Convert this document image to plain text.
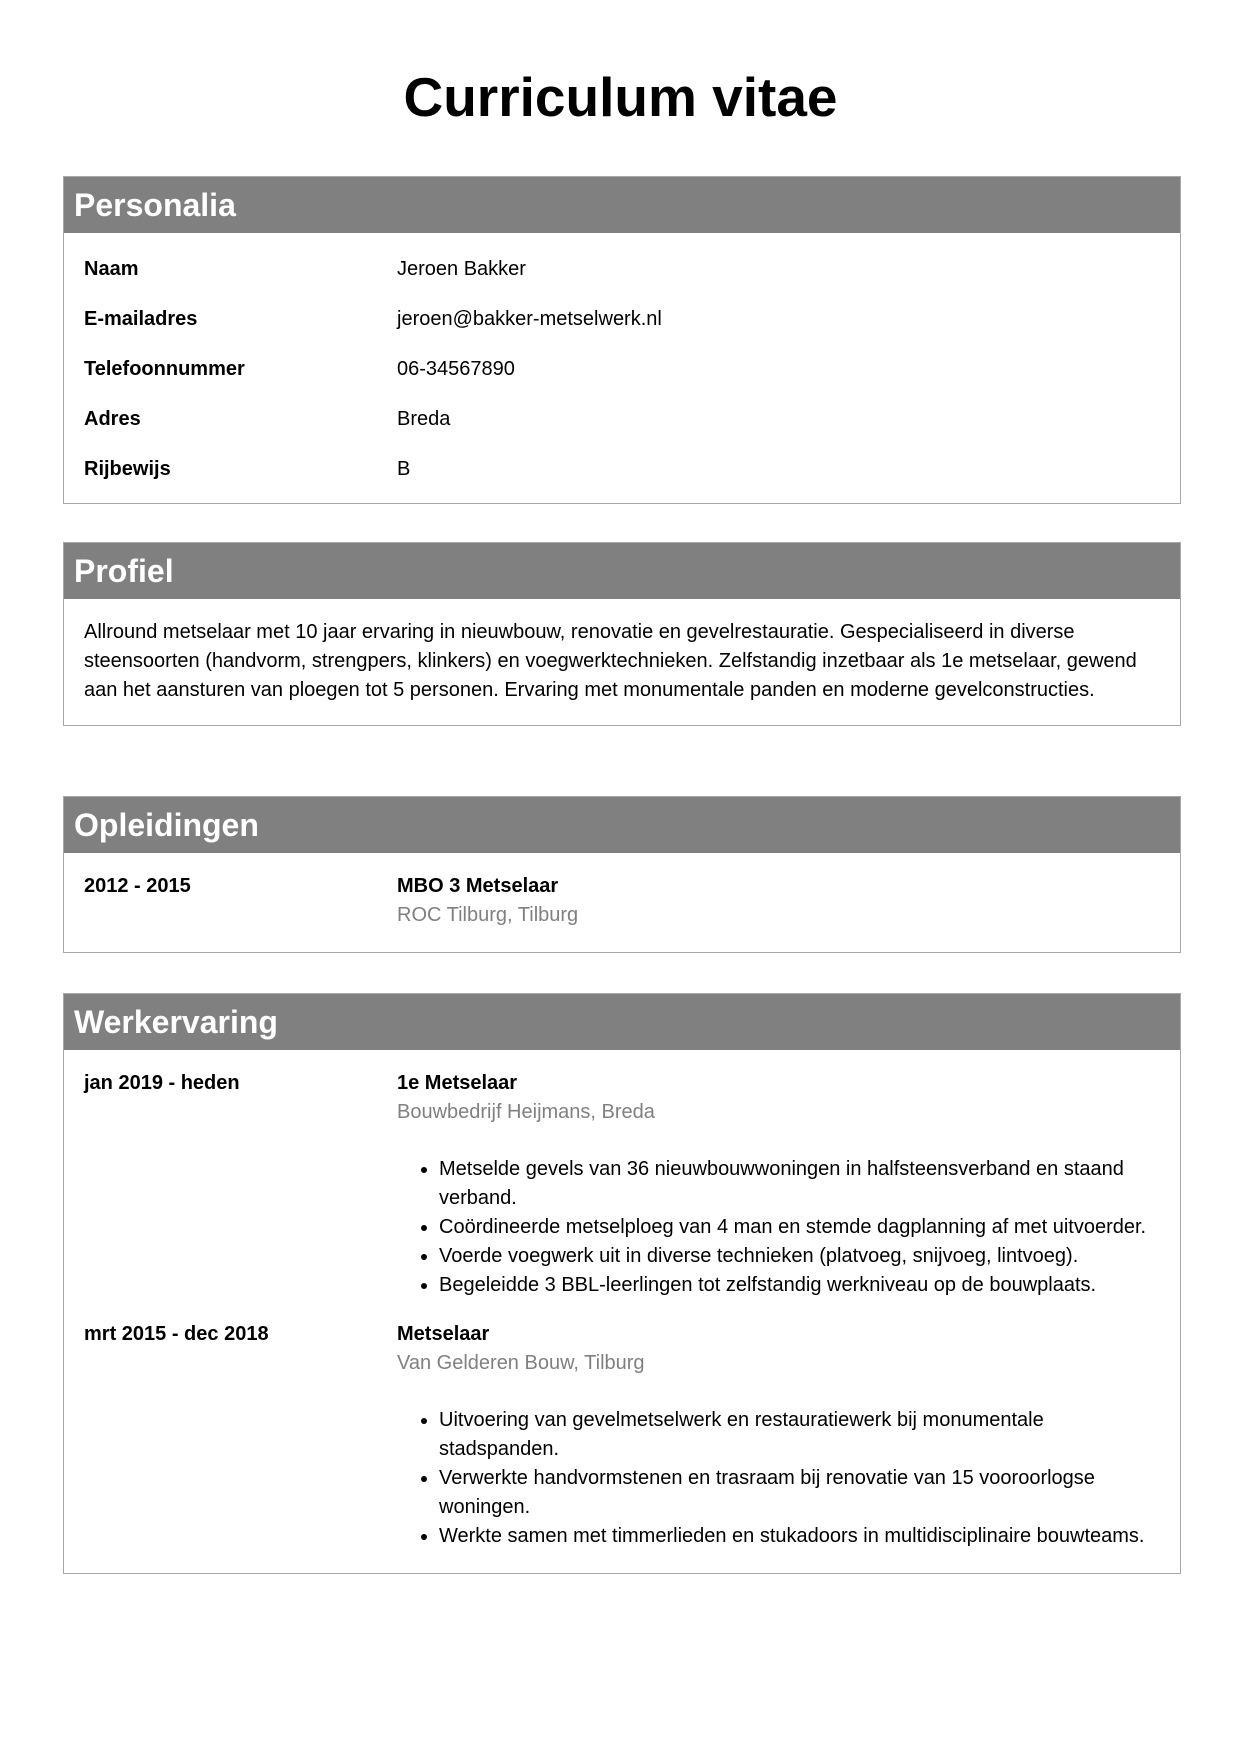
Curriculum vitae
Personalia
Naam	Jeroen Bakker
E-mailadres	jeroen@bakker-metselwerk.nl
Telefoonnummer	06-34567890
Adres	Breda
Rijbewijs	B
Profiel

Allround metselaar met 10 jaar ervaring in nieuwbouw, renovatie en gevelrestauratie. Gespecialiseerd in diverse steensoorten (handvorm, strengpers, klinkers) en voegwerktechnieken. Zelfstandig inzetbaar als 1e metselaar, gewend aan het aansturen van ploegen tot 5 personen. Ervaring met monumentale panden en moderne gevelconstructies.

Opleidingen
2012 - 2015	MBO 3 Metselaar
ROC Tilburg, Tilburg
Werkervaring
jan 2019 - heden	1e Metselaar
Bouwbedrijf Heijmans, Breda
• Metselde gevels van 36 nieuwbouwwoningen in halfsteensverband en staand verband.
• Coördineerde metselploeg van 4 man en stemde dagplanning af met uitvoerder.
• Voerde voegwerk uit in diverse technieken (platvoeg, snijvoeg, lintvoeg).
• Begeleidde 3 BBL-leerlingen tot zelfstandig werkniveau op de bouwplaats.
mrt 2015 - dec 2018	Metselaar
Van Gelderen Bouw, Tilburg
• Uitvoering van gevelmetselwerk en restauratiewerk bij monumentale stadspanden.
• Verwerkte handvormstenen en trasraam bij renovatie van 15 vooroorlogse woningen.
• Werkte samen met timmerlieden en stukadoors in multidisciplinaire bouwteams.
